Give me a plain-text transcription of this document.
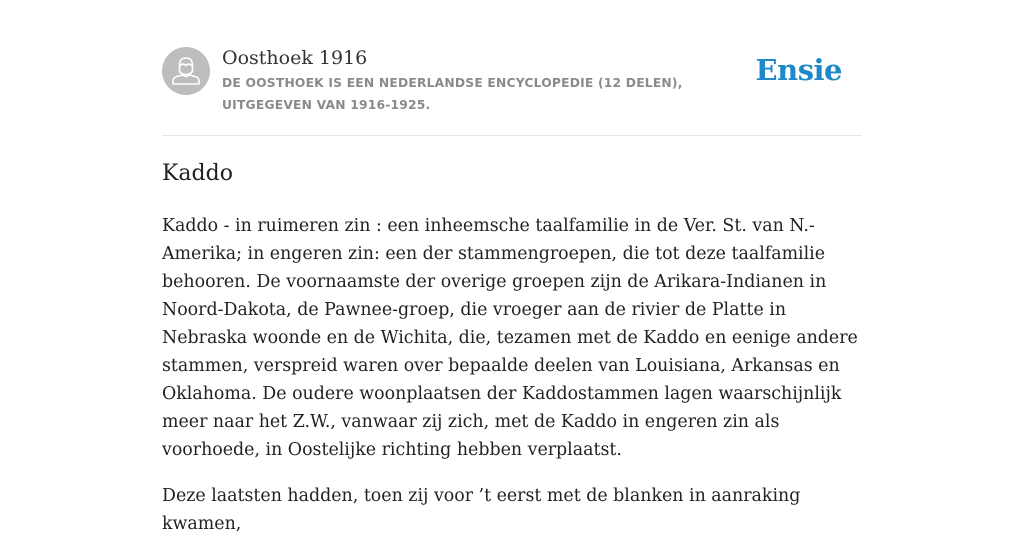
Oosthoek 1916
DE OOSTHOEK IS EEN NEDERLANDSE ENCYCLOPEDIE (12 DELEN), UITGEGEVEN VAN 1916-1925.
Ensie
Kaddo

Kaddo - in ruimeren zin : een inheemsche taalfamilie in de Ver. St. van N.-Amerika; in engeren zin: een der stammengroepen, die tot deze taalfamilie behooren. De voornaamste der overige groepen zijn de Arikara-Indianen in Noord-Dakota, de Pawnee-groep, die vroeger aan de rivier de Platte in Nebraska woonde en de Wichita, die, tezamen met de Kaddo en eenige andere stammen, verspreid waren over bepaalde deelen van Louisiana, Arkansas en Oklahoma. De oudere woonplaatsen der Kaddostammen lagen waarschijnlijk meer naar het Z.W., vanwaar zij zich, met de Kaddo in engeren zin als voorhoede, in Oostelijke richting hebben verplaatst.

Deze laatsten hadden, toen zij voor ’t eerst met de blanken in aanraking kwamen,
